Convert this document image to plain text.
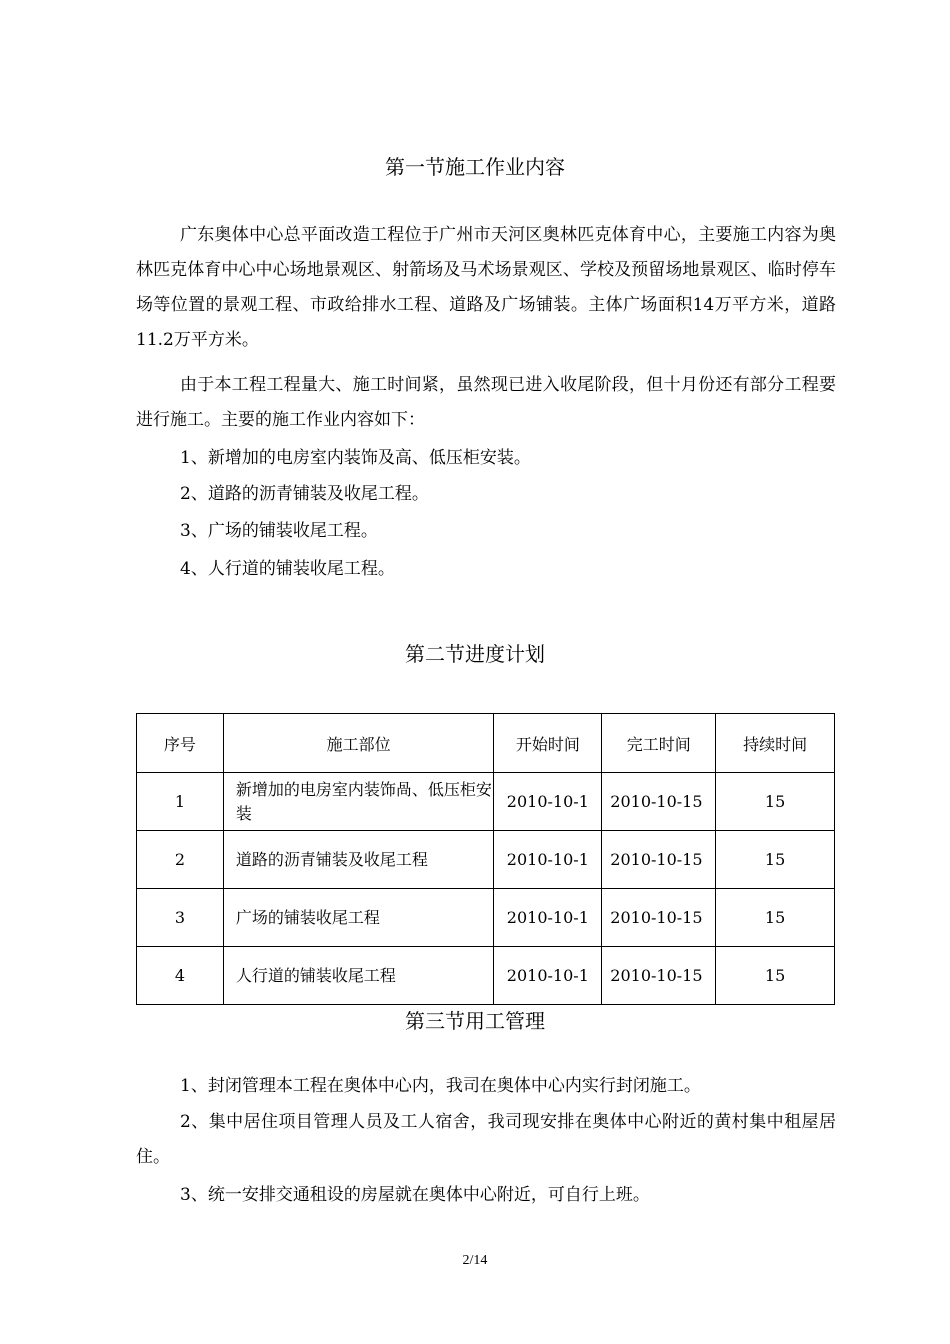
第一节施工作业内容
广东奥体中心总平面改造工程位于广州市天河区奥林匹克体育中心，主要施工内容为奥林匹克体育中心中心场地景观区、射箭场及马术场景观区、学校及预留场地景观区、临时停车场等位置的景观工程、市政给排水工程、道路及广场铺装。主体广场面积14万平方米，道路11.2万平方米。
由于本工程工程量大、施工时间紧，虽然现已进入收尾阶段，但十月份还有部分工程要进行施工。主要的施工作业内容如下：
1、新增加的电房室内装饰及高、低压柜安装。
2、道路的沥青铺装及收尾工程。
3、广场的铺装收尾工程。
4、人行道的铺装收尾工程。
第二节进度计划
序号	施工部位	开始时间	完工时间	持续时间
1	新增加的电房室内装饰咼、低压柜安装	2010-10-1	2010-10-15	15
2	道路的沥青铺装及收尾工程	2010-10-1	2010-10-15	15
3	广场的铺装收尾工程	2010-10-1	2010-10-15	15
4	人行道的铺装收尾工程	2010-10-1	2010-10-15	15
第三节用工管理
1、封闭管理本工程在奥体中心内，我司在奥体中心内实行封闭施工。
2、集中居住项目管理人员及工人宿舍，我司现安排在奥体中心附近的黄村集中租屋居住。
3、统一安排交通租设的房屋就在奥体中心附近，可自行上班。
2/14
